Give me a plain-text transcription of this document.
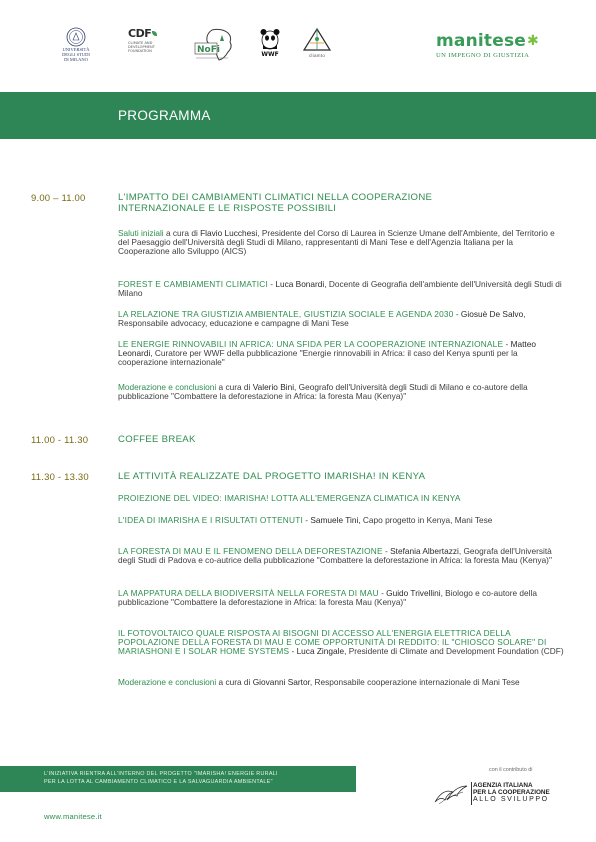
UNIVERSITÀ DEGLI STUDI
DI MILANO
CDF
CLIMATE AND
DEVELOPMENT
FOUNDATION	NoFi	WWF	cliamto
manitese✱
UN IMPEGNO DI GIUSTIZIA
PROGRAMMA
9.00 – 11.00	L'IMPATTO DEI CAMBIAMENTI CLIMATICI NELLA COOPERAZIONE
INTERNAZIONALE E LE RISPOSTE POSSIBILI
Saluti iniziali a cura di Flavio Lucchesi, Presidente del Corso di Laurea in Scienze Umane dell'Ambiente, del Territorio e del Paesaggio dell'Università degli Studi di Milano, rappresentanti di Mani Tese e dell'Agenzia Italiana per la Cooperazione allo Sviluppo (AICS)
FOREST E CAMBIAMENTI CLIMATICI - Luca Bonardi, Docente di Geografia dell'ambiente dell'Università degli Studi di Milano
LA RELAZIONE TRA GIUSTIZIA AMBIENTALE, GIUSTIZIA SOCIALE E AGENDA 2030 - Giosuè De Salvo, Responsabile advocacy, educazione e campagne di Mani Tese
LE ENERGIE RINNOVABILI IN AFRICA: UNA SFIDA PER LA COOPERAZIONE INTERNAZIONALE - Matteo Leonardi, Curatore per WWF della pubblicazione "Energie rinnovabili in Africa: il caso del Kenya spunti per la cooperazione internazionale"
Moderazione e conclusioni a cura di Valerio Bini, Geografo dell'Università degli Studi di Milano e co-autore della pubblicazione "Combattere la deforestazione in Africa: la foresta Mau (Kenya)"
11.00 - 11.30	COFFEE BREAK
11.30 - 13.30	LE ATTIVITÀ REALIZZATE DAL PROGETTO IMARISHA! IN KENYA
PROIEZIONE DEL VIDEO: IMARISHA! LOTTA ALL'EMERGENZA CLIMATICA IN KENYA
L'IDEA DI IMARISHA E I RISULTATI OTTENUTI - Samuele Tini, Capo progetto in Kenya, Mani Tese
LA FORESTA DI MAU E IL FENOMENO DELLA DEFORESTAZIONE - Stefania Albertazzi, Geografa dell'Università degli Studi di Padova e co-autrice della pubblicazione "Combattere la deforestazione in Africa: la foresta Mau (Kenya)"
LA MAPPATURA DELLA BIODIVERSITÀ NELLA FORESTA DI MAU - Guido Trivellini, Biologo e co-autore della pubblicazione "Combattere la deforestazione in Africa: la foresta Mau (Kenya)"
IL FOTOVOLTAICO QUALE RISPOSTA AI BISOGNI DI ACCESSO ALL'ENERGIA ELETTRICA DELLA POPOLAZIONE DELLA FORESTA DI MAU E COME OPPORTUNITÀ DI REDDITO: IL "CHIOSCO SOLARE" DI MARIASHONI E I SOLAR HOME SYSTEMS - Luca Zingale, Presidente di Climate and Development Foundation (CDF)
Moderazione e conclusioni a cura di Giovanni Sartor, Responsabile cooperazione internazionale di Mani Tese
L'INIZIATIVA RIENTRA ALL'INTERNO DEL PROGETTO "IMARISHA! ENERGIE RURALI
PER LA LOTTA AL CAMBIAMENTO CLIMATICO E LA SALVAGUARDIA AMBIENTALE"
www.manitese.it
con il contributo di
AGENZIA ITALIANA
PER LA COOPERAZIONE
ALLO SVILUPPO
